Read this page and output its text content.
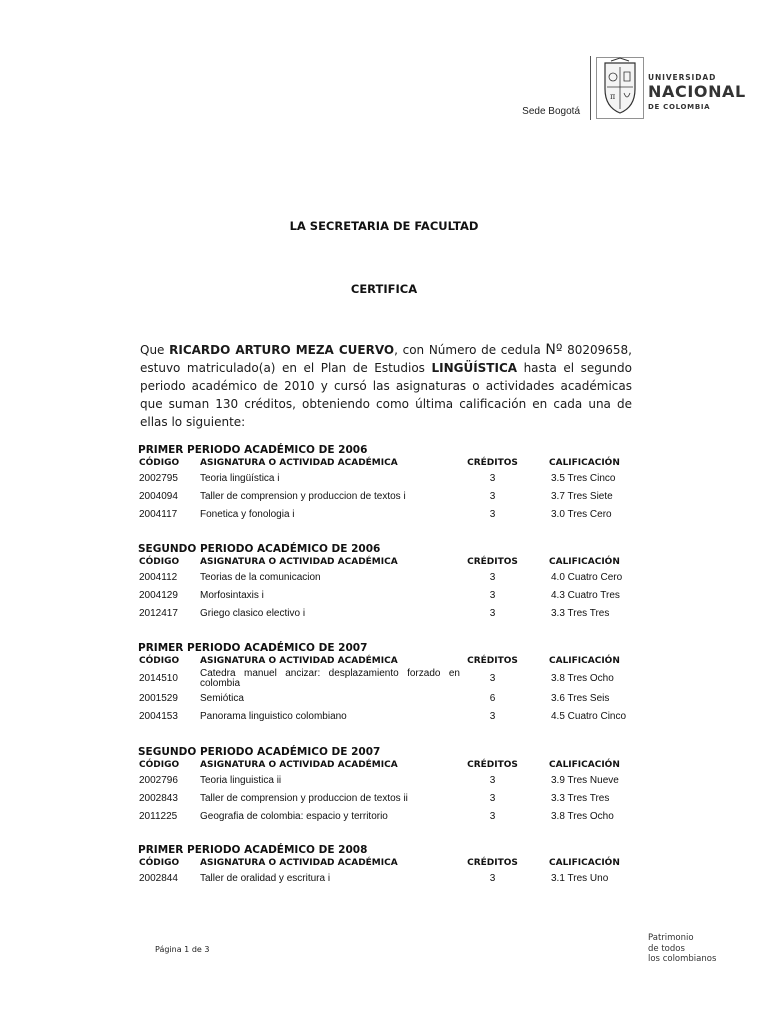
Sede Bogotá
π
UNIVERSIDAD
NACIONAL
DE COLOMBIA
LA SECRETARIA DE FACULTAD
CERTIFICA
Que RICARDO ARTURO MEZA CUERVO, con Número de cedula Nº 80209658, estuvo matriculado(a) en el Plan de Estudios LINGÜÍSTICA hasta el segundo periodo académico de 2010 y cursó las asignaturas o actividades académicas que suman 130 créditos, obteniendo como última calificación en cada una de ellas lo siguiente:
PRIMER PERIODO ACADÉMICO DE 2006
CÓDIGO ASIGNATURA O ACTIVIDAD ACADÉMICA	CRÉDITOS	CALIFICACIÓN
2002795 Teoria lingüística i	3	3.5 Tres Cinco
2004094 Taller de comprension y produccion de textos i	3	3.7 Tres Siete
2004117 Fonetica y fonologia i	3	3.0 Tres Cero
SEGUNDO PERIODO ACADÉMICO DE 2006
CÓDIGO ASIGNATURA O ACTIVIDAD ACADÉMICA	CRÉDITOS	CALIFICACIÓN
2004112 Teorias de la comunicacion	3	4.0 Cuatro Cero
2004129 Morfosintaxis i	3	4.3 Cuatro Tres
2012417 Griego clasico electivo i	3	3.3 Tres Tres
PRIMER PERIODO ACADÉMICO DE 2007
CÓDIGO ASIGNATURA O ACTIVIDAD ACADÉMICA	CRÉDITOS	CALIFICACIÓN
2014510 Catedra manuel ancizar: desplazamiento forzado en colombia	3	3.8 Tres Ocho
2001529 Semiótica	6	3.6 Tres Seis
2004153 Panorama linguistico colombiano	3	4.5 Cuatro Cinco
SEGUNDO PERIODO ACADÉMICO DE 2007
CÓDIGO ASIGNATURA O ACTIVIDAD ACADÉMICA	CRÉDITOS	CALIFICACIÓN
2002796 Teoria linguistica ii	3	3.9 Tres Nueve
2002843 Taller de comprension y produccion de textos ii	3	3.3 Tres Tres
2011225 Geografia de colombia: espacio y territorio	3	3.8 Tres Ocho
PRIMER PERIODO ACADÉMICO DE 2008
CÓDIGO ASIGNATURA O ACTIVIDAD ACADÉMICA	CRÉDITOS	CALIFICACIÓN
2002844 Taller de oralidad y escritura i	3	3.1 Tres Uno
Página 1 de 3
Patrimonio
de todos
los colombianos
